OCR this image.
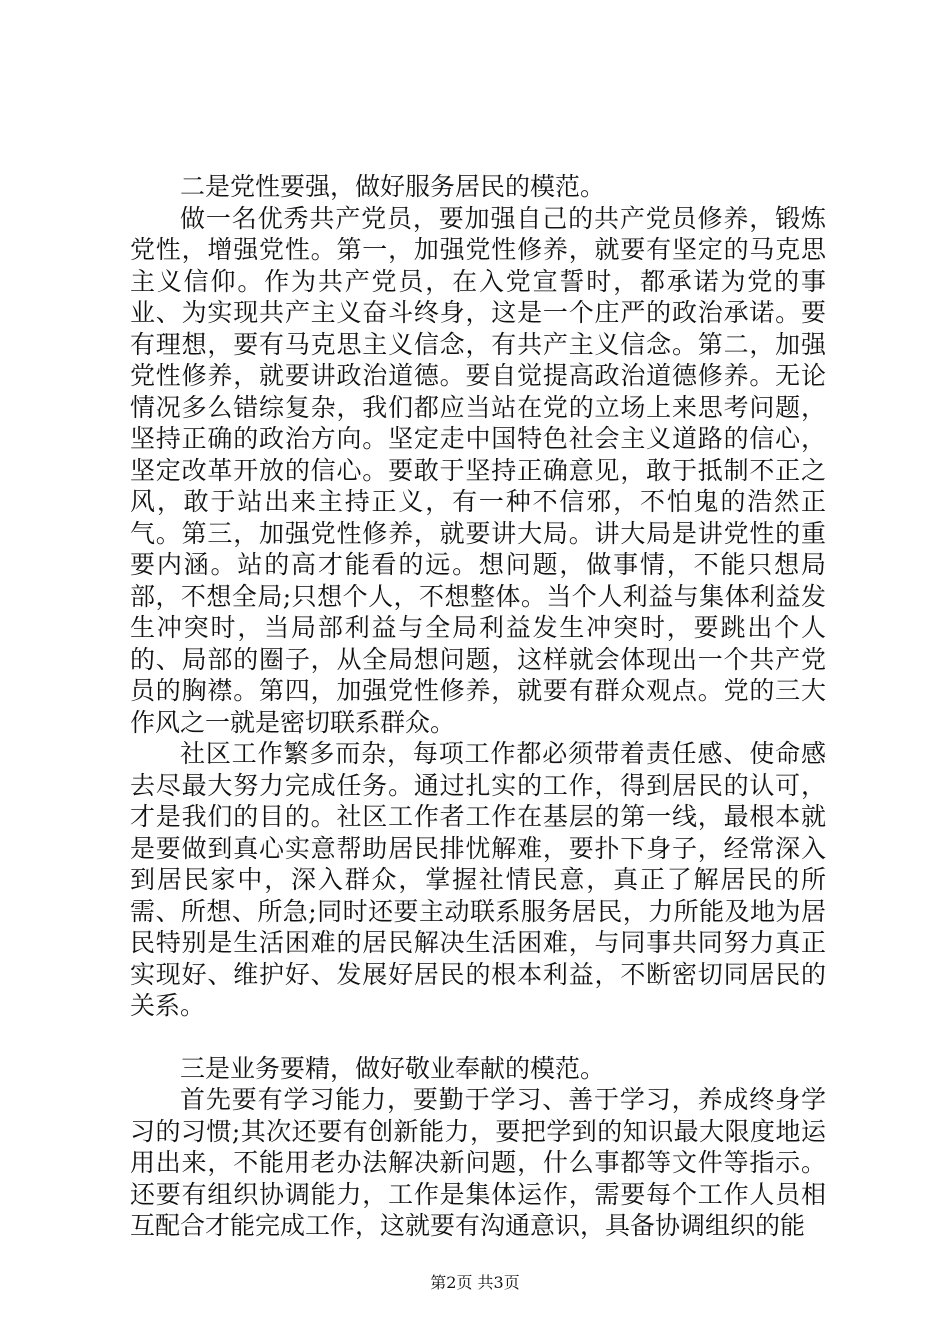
二是党性要强，做好服务居民的模范。

做一名优秀共产党员，要加强自己的共产党员修养，锻炼党性，增强党性。第一，加强党性修养，就要有坚定的马克思主义信仰。作为共产党员，在入党宣誓时，都承诺为党的事业、为实现共产主义奋斗终身，这是一个庄严的政治承诺。要有理想，要有马克思主义信念，有共产主义信念。第二，加强党性修养，就要讲政治道德。要自觉提高政治道德修养。无论情况多么错综复杂，我们都应当站在党的立场上来思考问题，坚持正确的政治方向。坚定走中国特色社会主义道路的信心，坚定改革开放的信心。要敢于坚持正确意见，敢于抵制不正之风，敢于站出来主持正义，有一种不信邪，不怕鬼的浩然正气。第三，加强党性修养，就要讲大局。讲大局是讲党性的重要内涵。站的高才能看的远。想问题，做事情，不能只想局部，不想全局;只想个人，不想整体。当个人利益与集体利益发生冲突时，当局部利益与全局利益发生冲突时，要跳出个人的、局部的圈子，从全局想问题，这样就会体现出一个共产党员的胸襟。第四，加强党性修养，就要有群众观点。党的三大作风之一就是密切联系群众。

社区工作繁多而杂，每项工作都必须带着责任感、使命感去尽最大努力完成任务。通过扎实的工作，得到居民的认可，才是我们的目的。社区工作者工作在基层的第一线，最根本就是要做到真心实意帮助居民排忧解难，要扑下身子，经常深入到居民家中，深入群众，掌握社情民意，真正了解居民的所需、所想、所急;同时还要主动联系服务居民，力所能及地为居民特别是生活困难的居民解决生活困难，与同事共同努力真正实现好、维护好、发展好居民的根本利益，不断密切同居民的关系。

三是业务要精，做好敬业奉献的模范。

首先要有学习能力，要勤于学习、善于学习，养成终身学习的习惯;其次还要有创新能力，要把学到的知识最大限度地运用出来，不能用老办法解决新问题，什么事都等文件等指示。还要有组织协调能力，工作是集体运作，需要每个工作人员相互配合才能完成工作，这就要有沟通意识，具备协调组织的能

第2页 共3页
